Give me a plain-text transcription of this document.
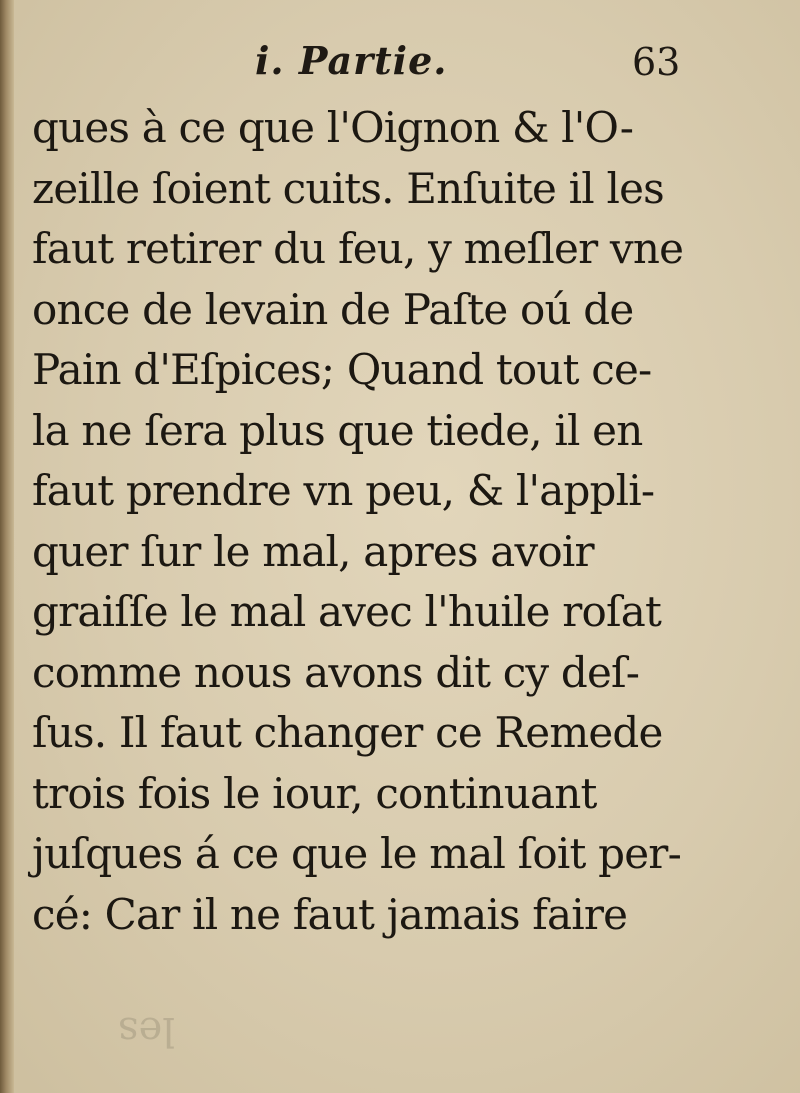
i. Partie.	63
ques à ce que l'Oignon & l'O-
zeille ſoient cuits. Enſuite il les
faut retirer du feu, y meſler vne
once de levain de Paſte oú de
Pain d'Eſpices; Quand tout ce-
la ne ſera plus que tiede, il en
faut prendre vn peu, & l'appli-
quer ſur le mal, apres avoir
graiſſe le mal avec l'huile roſat
comme nous avons dit cy deſ-
ſus. Il faut changer ce Remede
trois fois le iour, continuant
juſques á ce que le mal ſoit per-
cé: Car il ne faut jamais faire
les
